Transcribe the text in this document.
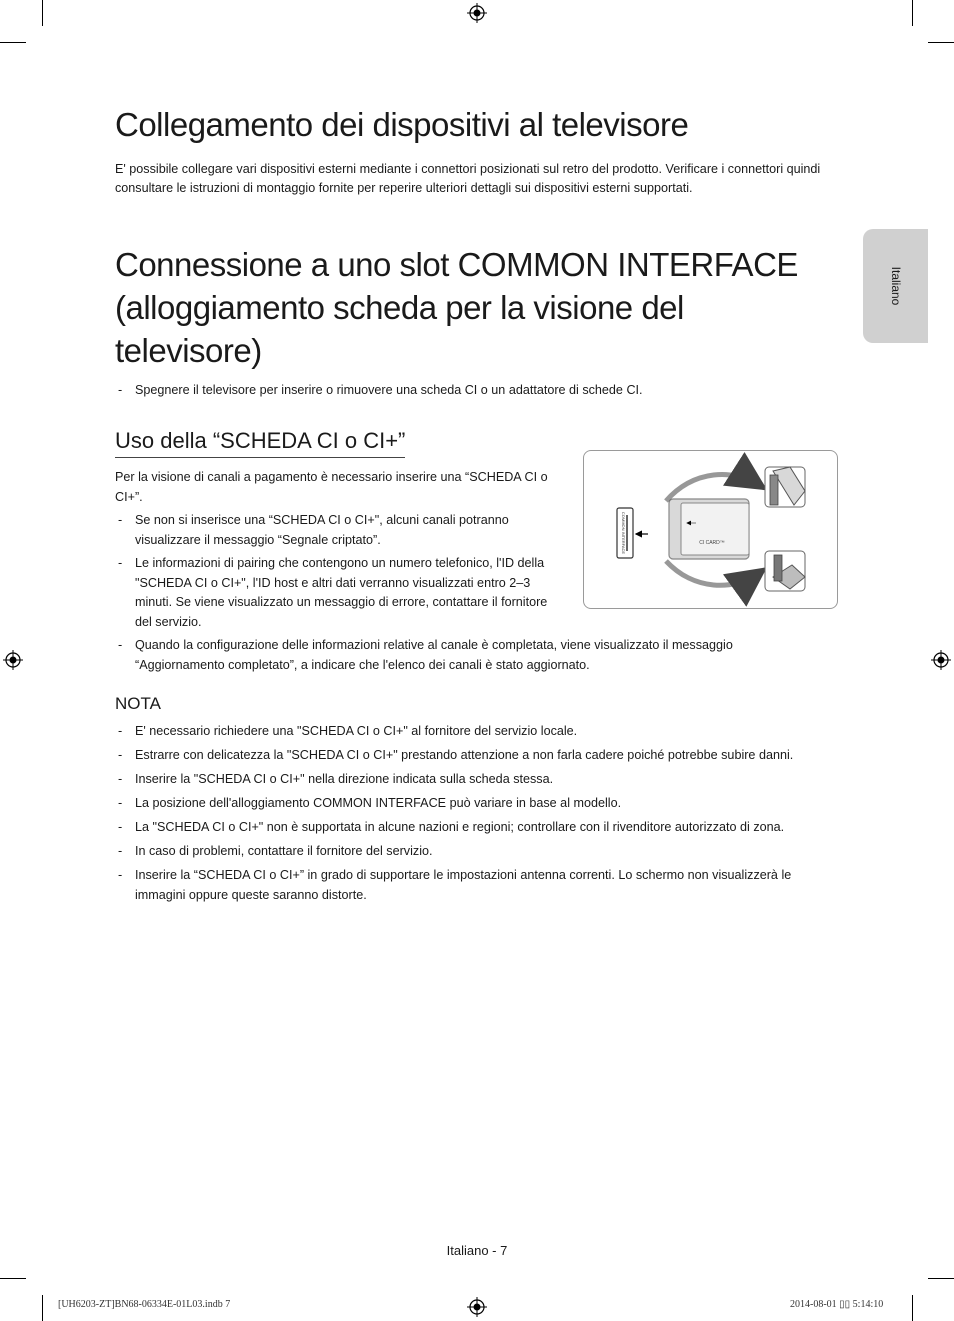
Italiano
Collegamento dei dispositivi al televisore

E' possibile collegare vari dispositivi esterni mediante i connettori posizionati sul retro del prodotto. Verificare i connettori quindi consultare le istruzioni di montaggio fornite per reperire ulteriori dettagli sui dispositivi esterni supportati.

Connessione a uno slot COMMON INTERFACE (alloggiamento scheda per la visione del televisore)
- Spegnere il televisore per inserire o rimuovere una scheda CI o un adattatore di schede CI.
Uso della “SCHEDA CI o CI+”

Per la visione di canali a pagamento è necessario inserire una “SCHEDA CI o CI+”.

- Se non si inserisce una “SCHEDA CI o CI+", alcuni canali potranno visualizzare il messaggio “Segnale criptato”.
- Le informazioni di pairing che contengono un numero telefonico, l'ID della "SCHEDA CI o CI+", l'ID host e altri dati verranno visualizzati entro 2–3 minuti. Se viene visualizzato un messaggio di errore, contattare il fornitore del servizio.
- Quando la configurazione delle informazioni relative al canale è completata, viene visualizzato il messaggio “Aggiornamento completato”, a indicare che l'elenco dei canali è stato aggiornato.
COMMON INTERFACE	CI CARD™
NOTA
- E' necessario richiedere una "SCHEDA CI o CI+" al fornitore del servizio locale.
- Estrarre con delicatezza la "SCHEDA CI o CI+" prestando attenzione a non farla cadere poiché potrebbe subire danni.
- Inserire la "SCHEDA CI o CI+" nella direzione indicata sulla scheda stessa.
- La posizione dell'alloggiamento COMMON INTERFACE può variare in base al modello.
- La "SCHEDA CI o CI+" non è supportata in alcune nazioni e regioni; controllare con il rivenditore autorizzato di zona.
- In caso di problemi, contattare il fornitore del servizio.
- Inserire la “SCHEDA CI o CI+” in grado di supportare le impostazioni antenna correnti. Lo schermo non visualizzerà le immagini oppure queste saranno distorte.
Italiano - 7
[UH6203-ZT]BN68-06334E-01L03.indb 7	2014-08-01 ▯▯ 5:14:10
